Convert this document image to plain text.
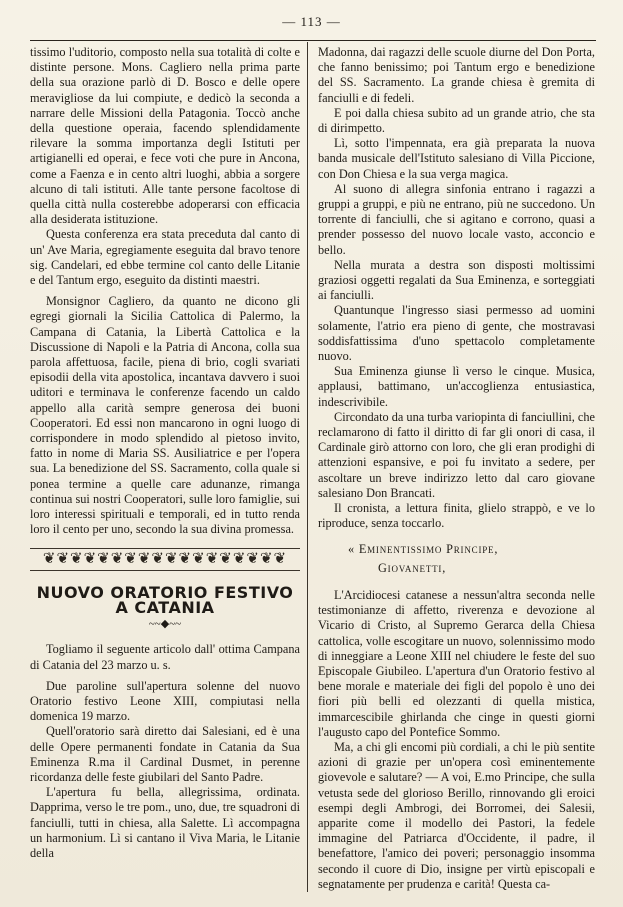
— 113 —

tissimo l'uditorio, composto nella sua totalità di colte e distinte persone. Mons. Cagliero nella prima parte della sua orazione parlò di D. Bosco e delle opere meravigliose da lui compiute, e dedicò la seconda a narrare delle Missioni della Patagonia. Toccò anche della questione operaia, facendo splendidamente rilevare la somma importanza degli Istituti per artigianelli ed operai, e fece voti che pure in Ancona, come a Faenza e in cento altri luoghi, abbia a sorgere alcuno di tali istituti. Alle tante persone facoltose di quella città nulla costerebbe adoperarsi con efficacia alla desiderata istituzione.

Questa conferenza era stata preceduta dal canto di un' Ave Maria, egregiamente eseguita dal bravo tenore sig. Candelari, ed ebbe termine col canto delle Litanie e del Tantum ergo, eseguito da distinti maestri.

Monsignor Cagliero, da quanto ne dicono gli egregi giornali la Sicilia Cattolica di Palermo, la Campana di Catania, la Libertà Cattolica e la Discussione di Napoli e la Patria di Ancona, colla sua parola affettuosa, facile, piena di brio, cogli svariati episodii della vita apostolica, incantava davvero i suoi uditori e terminava le conferenze facendo un caldo appello alla carità sempre generosa dei buoni Cooperatori. Ed essi non mancarono in ogni luogo di corrispondere in modo splendido al pietoso invito, fatto in nome di Maria SS. Ausiliatrice e per l'opera sua. La benedizione del SS. Sacramento, colla quale si ponea termine a quelle care adunanze, rimanga continua sui nostri Cooperatori, sulle loro famiglie, sui loro interessi spirituali e temporali, ed in tutto renda loro il cento per uno, secondo la sua divina promessa.

❦❦❦❦❦❦❦❦❦❦❦❦❦❦❦❦❦❦
NUOVO ORATORIO FESTIVO A CATANIA
~~◆~~

Togliamo il seguente articolo dall' ottima Campana di Catania del 23 marzo u. s.

Due paroline sull'apertura solenne del nuovo Oratorio festivo Leone XIII, compiutasi nella domenica 19 marzo.

Quell'oratorio sarà diretto dai Salesiani, ed è una delle Opere permanenti fondate in Catania da Sua Eminenza R.ma il Cardinal Dusmet, in perenne ricordanza delle feste giubilari del Santo Padre.

L'apertura fu bella, allegrissima, ordinata. Dapprima, verso le tre pom., uno, due, tre squadroni di fanciulli, tutti in chiesa, alla Salette. Lì accompagna un harmonium. Lì si cantano il Viva Maria, le Litanie della

Madonna, dai ragazzi delle scuole diurne del Don Porta, che fanno benissimo; poi Tantum ergo e benedizione del SS. Sacramento. La grande chiesa è gremita di fanciulli e di fedeli.

E poi dalla chiesa subito ad un grande atrio, che sta di dirimpetto.

Lì, sotto l'impennata, era già preparata la nuova banda musicale dell'Istituto salesiano di Villa Piccione, con Don Chiesa e la sua verga magica.

Al suono di allegra sinfonia entrano i ragazzi a gruppi a gruppi, e più ne entrano, più ne succedono. Un torrente di fanciulli, che si agitano e corrono, quasi a prender possesso del nuovo locale vasto, acconcio e bello.

Nella murata a destra son disposti moltissimi graziosi oggetti regalati da Sua Eminenza, e sorteggiati ai fanciulli.

Quantunque l'ingresso siasi permesso ad uomini solamente, l'atrio era pieno di gente, che mostravasi soddisfattissima d'uno spettacolo completamente nuovo.

Sua Eminenza giunse lì verso le cinque. Musica, applausi, battimano, un'accoglienza entusiastica, indescrivibile.

Circondato da una turba variopinta di fanciullini, che reclamarono di fatto il diritto di far gli onori di casa, il Cardinale girò attorno con loro, che gli eran prodighi di attenzioni espansive, e poi fu invitato a sedere, per ascoltare un breve indirizzo letto dal caro giovane salesiano Don Brancati.

Il cronista, a lettura finita, glielo strappò, e ve lo riproduce, senza toccarlo.

« Eminentissimo Principe,
Giovanetti,

L'Arcidiocesi catanese a nessun'altra seconda nelle testimonianze di affetto, riverenza e devozione al Vicario di Cristo, al Supremo Gerarca della Chiesa cattolica, volle escogitare un nuovo, solennissimo modo di inneggiare a Leone XIII nel chiudere le feste del suo Episcopale Giubileo. L'apertura d'un Oratorio festivo al bene morale e materiale dei figli del popolo è uno dei fiori più belli ed olezzanti di quella mistica, immarcescibile ghirlanda che cinge in questi giorni l'augusto capo del Pontefice Sommo.

Ma, a chi gli encomi più cordiali, a chi le più sentite azioni di grazie per un'opera così eminentemente giovevole e salutare? — A voi, E.mo Principe, che sulla vetusta sede del glorioso Berillo, rinnovando gli eroici esempi degli Ambrogi, dei Borromei, dei Salesii, apparite come il modello dei Pastori, la fedele immagine del Patriarca d'Occidente, il padre, il benefattore, l'amico dei poveri; personaggio insomma secondo il cuore di Dio, insigne per virtù episcopali e segnatamente per prudenza e carità! Questa ca-
